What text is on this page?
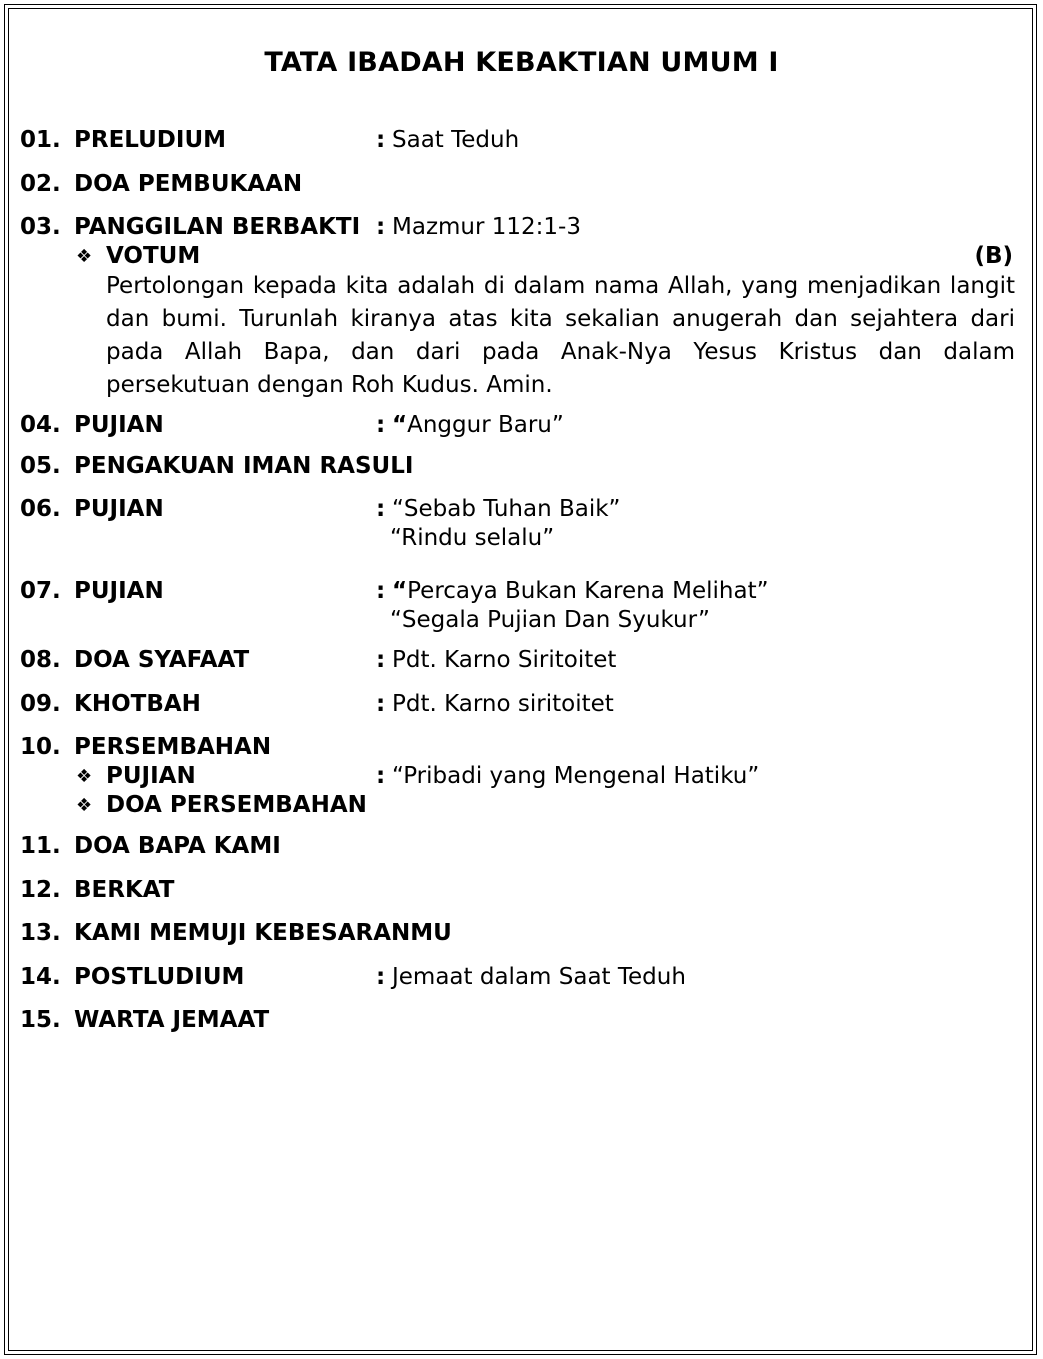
TATA IBADAH KEBAKTIAN UMUM I
01. PRELUDIUM	: Saat Teduh
02. DOA PEMBUKAAN
03. PANGGILAN BERBAKTI : Mazmur 112:1-3
❖ VOTUM	(B)
Pertolongan kepada kita adalah di dalam nama Allah, yang menjadikan langit dan bumi. Turunlah kiranya atas kita sekalian anugerah dan sejahtera dari pada Allah Bapa, dan dari pada Anak-Nya Yesus Kristus dan dalam persekutuan dengan Roh Kudus. Amin.
04. PUJIAN	: “Anggur Baru”
05. PENGAKUAN IMAN RASULI
06. PUJIAN	: “Sebab Tuhan Baik”
“Rindu selalu”
07. PUJIAN	: “Percaya Bukan Karena Melihat”
“Segala Pujian Dan Syukur”
08. DOA SYAFAAT	: Pdt. Karno Siritoitet
09. KHOTBAH	: Pdt. Karno siritoitet
10. PERSEMBAHAN
❖ PUJIAN	: “Pribadi yang Mengenal Hatiku”
❖ DOA PERSEMBAHAN
11. DOA BAPA KAMI
12. BERKAT
13. KAMI MEMUJI KEBESARANMU
14. POSTLUDIUM	: Jemaat dalam Saat Teduh
15. WARTA JEMAAT
